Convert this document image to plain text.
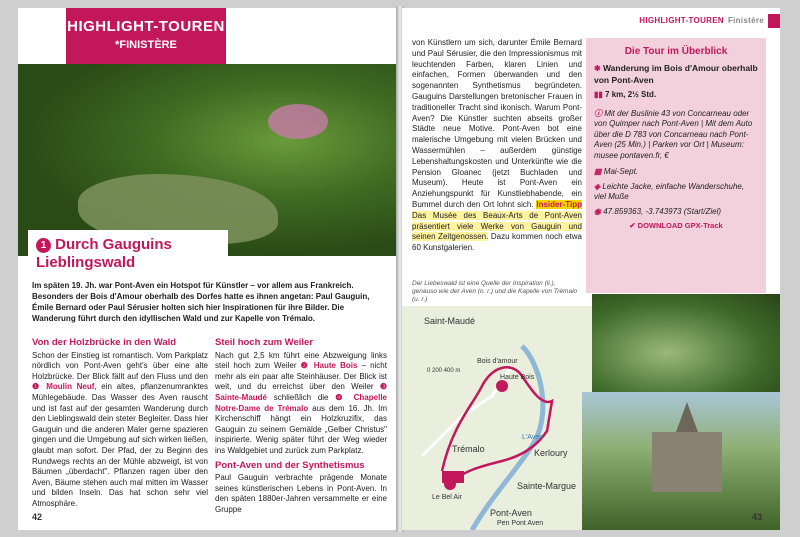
HIGHLIGHT-TOUREN
*FINISTÈRE
1 Durch Gauguins
Lieblingswald
Im späten 19. Jh. war Pont-Aven ein Hotspot für Künstler – vor allem aus Frankreich. Besonders der Bois d'Amour oberhalb des Dorfes hatte es ihnen angetan: Paul Gauguin, Émile Bernard oder Paul Sérusier holten sich hier Inspirationen für ihre Bilder. Die Wanderung führt durch den idyllischen Wald und zur Kapelle von Trémalo.
Von der Holzbrücke in den Wald
Schon der Einstieg ist romantisch. Vom Parkplatz nördlich von Pont-Aven geht's über eine alte Holzbrücke. Der Blick fällt auf den Fluss und den ❶ Moulin Neuf, ein altes, pflanzenumranktes Mühlegebäude. Das Wasser des Aven rauscht und ist fast auf der gesamten Wanderung durch den Lieblingswald dein steter Begleiter. Dass hier Gauguin und die anderen Maler gerne spazieren gingen und die Umgebung auf sich wirken ließen, glaubt man sofort. Der Pfad, der zu Beginn des Rundwegs rechts an der Mühle abzweigt, ist von Bäumen „überdacht". Pflanzen ragen über den Aven, Bäume stehen auch mal mitten im Wasser und bilden Inseln. Das hat schon sehr viel Atmosphäre.
Steil hoch zum Weiler
Nach gut 2,5 km führt eine Abzweigung links steil hoch zum Weiler ❷ Haute Bois – nicht mehr als ein paar alte Steinhäuser. Der Blick ist weit, und du erreichst über den Weiler ❸ Sainte-Maudé schließlich die ❹ Chapelle Notre-Dame de Trémalo aus dem 16. Jh. Im Kirchenschiff hängt ein Holzkruzifix, das Gauguin zu seinem Gemälde „Gelber Christus" inspirierte. Wenig später führt der Weg wieder ins Waldgebiet und zurück zum Parkplatz.
Pont-Aven und der Synthetismus
Paul Gauguin verbrachte prägende Monate seines künstlerischen Lebens in Pont-Aven. In den späten 1880er-Jahren versammelte er eine Gruppe
42
HIGHLIGHT-TOUREN Finistère
von Künstlern um sich, darunter Émile Bernard und Paul Sérusier, die den Impressionismus mit leuchtenden Farben, klaren Linien und einfachen, Formen überwanden und den sogenannten Synthetismus begründeten. Gauguins Darstellungen bretonischer Frauen in traditioneller Tracht sind ikonisch. Warum Pont-Aven? Die Künstler suchten abseits großer Städte neue Motive. Pont-Aven bot eine malerische Umgebung mit vielen Brücken und Wassermühlen – außerdem günstige Lebenshaltungskosten und Unterkünfte wie die Pension Gloanec (jetzt Buchladen und Museum). Heute ist Pont-Aven ein Anziehungspunkt für Kunstliebhabende, ein Bummel durch den Ort lohnt sich. Insider-Tipp Das Musée des Beaux-Arts de Pont-Aven präsentiert viele Werke von Gauguin und seinen Zeitgenossen. Dazu kommen noch etwa 60 Kunstgalerien.
Die Tour im Überblick
✱ Wanderung im Bois d'Amour oberhalb von Pont-Aven
▮▮ 7 km, 2½ Std.
ⓘ Mit der Buslinie 43 von Concarneau oder von Quimper nach Pont-Aven | Mit dem Auto über die D 783 von Concarneau nach Pont-Aven (25 Min.) | Parken vor Ort | Museum: musee pontaven.fr, €
▦ Mai-Sept.
◈ Leichte Jacke, einfache Wanderschuhe, viel Muße
◉ 47.859363, -3.743973 (Start/Ziel)
✔ DOWNLOAD GPX-Track
Der Liebeswald ist eine Quelle der Inspiration (li.), genauso wie der Aven (o. r.) und die Kapelle von Trémalo (u. r.)
Saint-Maudé
Bois d'amour
Haute Bois
Trémalo	Kerloury
Sainte-Margue
Pont-Aven
Le Bel Air
Pen Pont Aven
L'Aven
0 200 400 m
43
